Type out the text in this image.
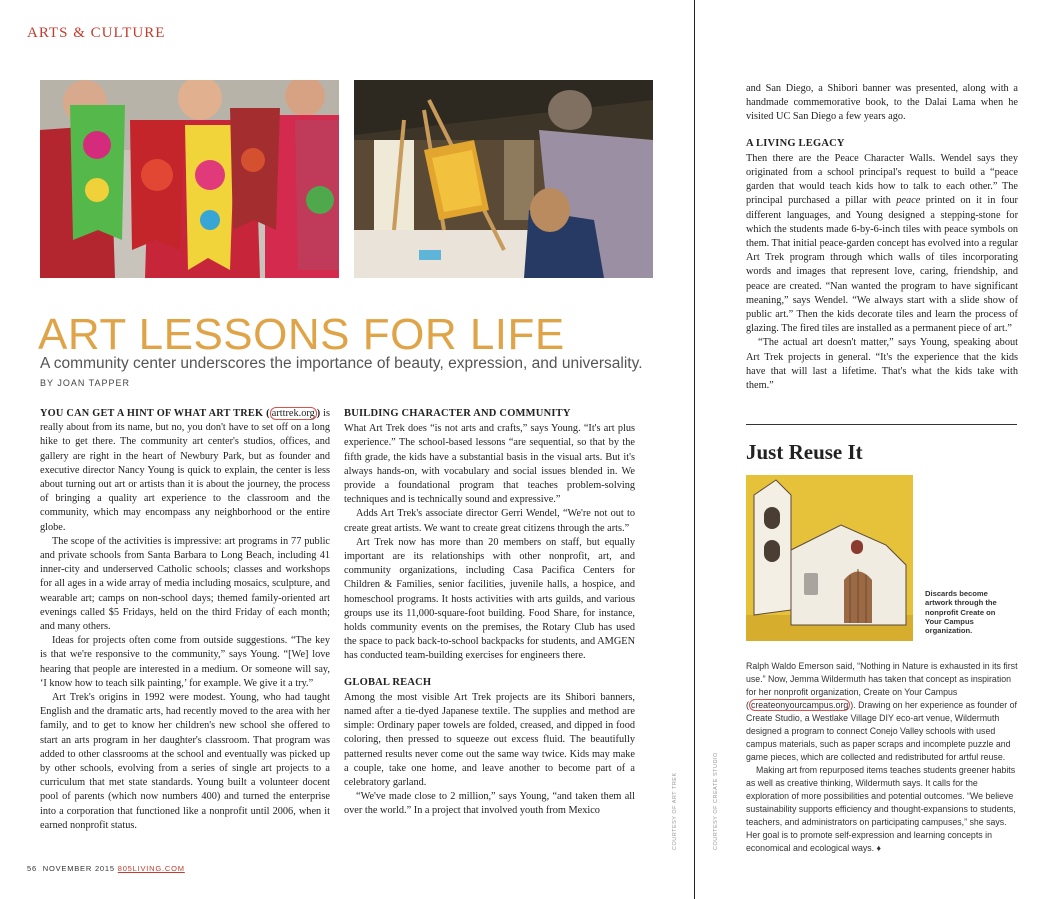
ARTS & CULTURE
ART LESSONS FOR LIFE
A community center underscores the importance of beauty, expression, and universality.
BY JOAN TAPPER

YOU CAN GET A HINT OF WHAT ART TREK ( arttrek.org ) is really about from its name, but no, you don't have to set off on a long hike to get there. The community art center's studios, offices, and gallery are right in the heart of Newbury Park, but as founder and executive director Nancy Young is quick to explain, the center is less about turning out art or artists than it is about the journey, the process of bringing a quality art experience to the classroom and the community, which may encompass any neighborhood or the entire globe.

The scope of the activities is impressive: art programs in 77 public and private schools from Santa Barbara to Long Beach, including 41 inner-city and underserved Catholic schools; classes and workshops for all ages in a wide array of media including mosaics, sculpture, and wearable art; camps on non-school days; themed family-oriented art evenings called $5 Fridays, held on the third Friday of each month; and many others.

Ideas for projects often come from outside suggestions. “The key is that we're responsive to the community,” says Young. “[We] love hearing that people are interested in a medium. Or someone will say, ‘I know how to teach silk painting,’ for example. We give it a try.”

Art Trek's origins in 1992 were modest. Young, who had taught English and the dramatic arts, had recently moved to the area with her family, and to get to know her children's new school she offered to start an arts program in her daughter's classroom. That program was added to other classrooms at the school and eventually was picked up by other schools, evolving from a series of single art projects to a curriculum that met state standards. Young built a volunteer docent pool of parents (which now numbers 400) and turned the enterprise into a corporation that functioned like a nonprofit until 2006, when it earned nonprofit status.

BUILDING CHARACTER AND COMMUNITY

What Art Trek does “is not arts and crafts,” says Young. “It's art plus experience.” The school-based lessons “are sequential, so that by the fifth grade, the kids have a substantial basis in the visual arts. But it's always hands-on, with vocabulary and social issues blended in. We provide a foundational program that teaches problem-solving techniques and is technically sound and expressive.”

Adds Art Trek's associate director Gerri Wendel, “We're not out to create great artists. We want to create great citizens through the arts.”

Art Trek now has more than 20 members on staff, but equally important are its relationships with other nonprofit, art, and community organizations, including Casa Pacifica Centers for Children & Families, senior facilities, juvenile halls, a hospice, and homeschool programs. It hosts activities with arts guilds, and various groups use its 11,000-square-foot building. Food Share, for instance, holds community events on the premises, the Rotary Club has used the space to pack back-to-school backpacks for students, and AMGEN has conducted team-building exercises for engineers there.

GLOBAL REACH

Among the most visible Art Trek projects are its Shibori banners, named after a tie-dyed Japanese textile. The supplies and method are simple: Ordinary paper towels are folded, creased, and dipped in food coloring, then pressed to squeeze out excess fluid. The beautifully patterned results never come out the same way twice. Kids may make a couple, take one home, and leave another to become part of a celebratory garland.

“We've made close to 2 million,” says Young, “and taken them all over the world.” In a project that involved youth from Mexico

and San Diego, a Shibori banner was presented, along with a handmade commemorative book, to the Dalai Lama when he visited UC San Diego a few years ago.

A LIVING LEGACY

Then there are the Peace Character Walls. Wendel says they originated from a school principal's request to build a “peace garden that would teach kids how to talk to each other.” The principal purchased a pillar with peace printed on it in four different languages, and Young designed a stepping-stone for which the students made 6-by-6-inch tiles with peace symbols on them. That initial peace-garden concept has evolved into a regular Art Trek program through which walls of tiles incorporating words and images that represent love, caring, friendship, and peace are created. “Nan wanted the program to have significant meaning,” says Wendel. “We always start with a slide show of public art.” Then the kids decorate tiles and learn the process of glazing. The fired tiles are installed as a permanent piece of art.”

“The actual art doesn't matter,” says Young, speaking about Art Trek projects in general. “It's the experience that the kids have that will last a lifetime. That's what the kids take with them.”

COURTESY OF ART TREK	COURTESY OF CREATE STUDIO
Just Reuse It
Discards become artwork through the nonprofit Create on Your Campus organization.

Ralph Waldo Emerson said, “Nothing in Nature is exhausted in its first use.” Now, Jemma Wildermuth has taken that concept as inspiration for her nonprofit organization, Create on Your Campus ( createonyourcampus.org ). Drawing on her experience as founder of Create Studio, a Westlake Village DIY eco-art venue, Wildermuth designed a program to connect Conejo Valley schools with used campus materials, such as paper scraps and incomplete puzzle and game pieces, which are collected and redistributed for artful reuse.

Making art from repurposed items teaches students greener habits as well as creative thinking, Wildermuth says. It calls for the exploration of more possibilities and potential outcomes. “We believe sustainability supports efficiency and thought-expansions to students, teachers, and administrators on participating campuses,” she says. Her goal is to promote self-expression and learning concepts in economical and ecological ways. ♦

56 NOVEMBER 2015 805LIVING.COM
